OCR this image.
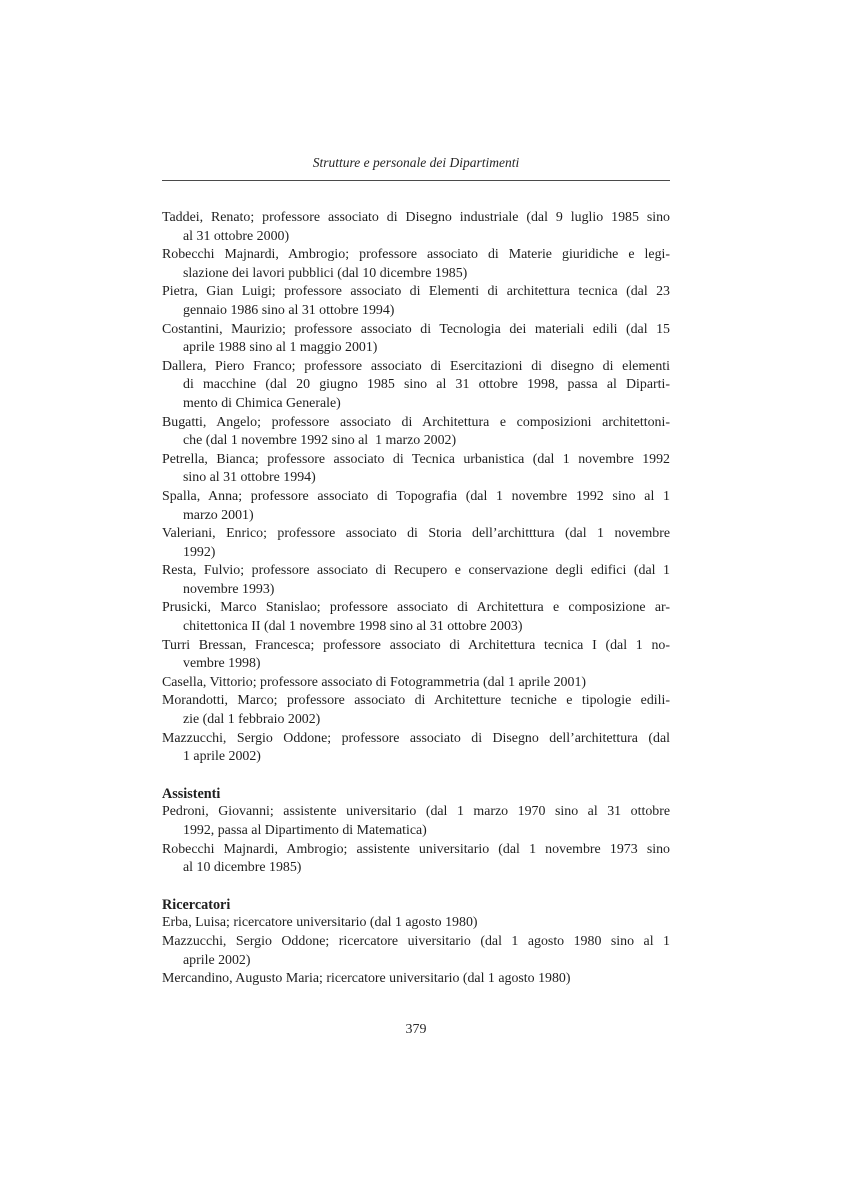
Strutture e personale dei Dipartimenti
Taddei, Renato; professore associato di Disegno industriale (dal 9 luglio 1985 sino
al 31 ottobre 2000)
Robecchi Majnardi, Ambrogio; professore associato di Materie giuridiche e legi-
slazione dei lavori pubblici (dal 10 dicembre 1985)
Pietra, Gian Luigi; professore associato di Elementi di architettura tecnica (dal 23
gennaio 1986 sino al 31 ottobre 1994)
Costantini, Maurizio; professore associato di Tecnologia dei materiali edili (dal 15
aprile 1988 sino al 1 maggio 2001)
Dallera, Piero Franco; professore associato di Esercitazioni di disegno di elementi
di macchine (dal 20 giugno 1985 sino al 31 ottobre 1998, passa al Diparti-
mento di Chimica Generale)
Bugatti, Angelo; professore associato di Architettura e composizioni architettoni-
che (dal 1 novembre 1992 sino al  1 marzo 2002)
Petrella, Bianca; professore associato di Tecnica urbanistica (dal 1 novembre 1992
sino al 31 ottobre 1994)
Spalla, Anna; professore associato di Topografia (dal 1 novembre 1992 sino al 1
marzo 2001)
Valeriani, Enrico; professore associato di Storia dell’architttura (dal 1 novembre
1992)
Resta, Fulvio; professore associato di Recupero e conservazione degli edifici (dal 1
novembre 1993)
Prusicki, Marco Stanislao; professore associato di Architettura e composizione ar-
chitettonica II (dal 1 novembre 1998 sino al 31 ottobre 2003)
Turri Bressan, Francesca; professore associato di Architettura tecnica I (dal 1 no-
vembre 1998)
Casella, Vittorio; professore associato di Fotogrammetria (dal 1 aprile 2001)
Morandotti, Marco; professore associato di Architetture tecniche e tipologie edili-
zie (dal 1 febbraio 2002)
Mazzucchi, Sergio Oddone; professore associato di Disegno dell’architettura (dal
1 aprile 2002)
Assistenti
Pedroni, Giovanni; assistente universitario (dal 1 marzo 1970 sino al 31 ottobre
1992, passa al Dipartimento di Matematica)
Robecchi Majnardi, Ambrogio; assistente universitario (dal 1 novembre 1973 sino
al 10 dicembre 1985)
Ricercatori
Erba, Luisa; ricercatore universitario (dal 1 agosto 1980)
Mazzucchi, Sergio Oddone; ricercatore uiversitario (dal 1 agosto 1980 sino al 1
aprile 2002)
Mercandino, Augusto Maria; ricercatore universitario (dal 1 agosto 1980)
379
